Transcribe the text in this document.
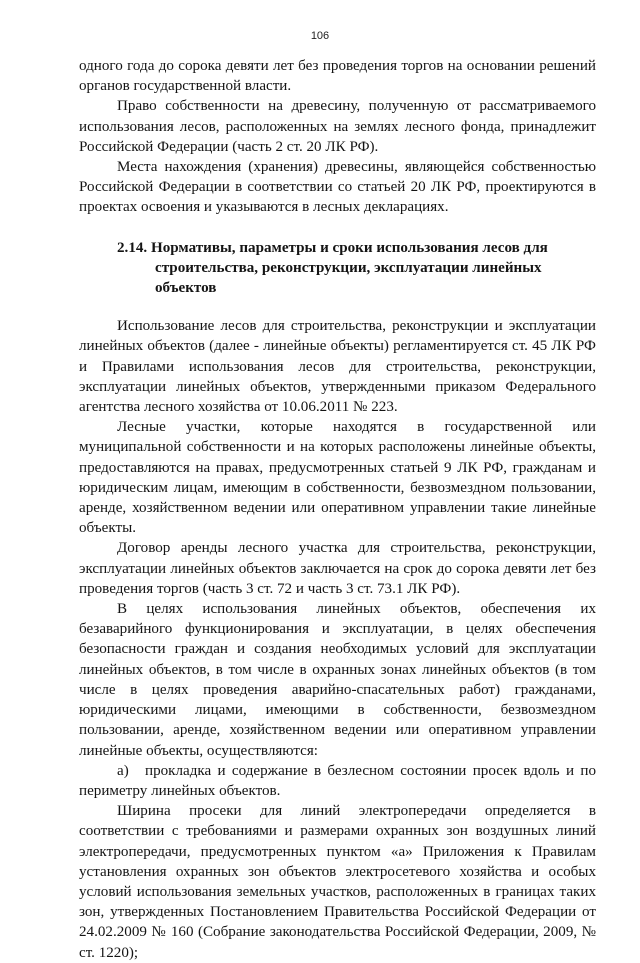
106

одного года до сорока девяти лет без проведения торгов на основании решений органов государственной власти.

Право собственности на древесину, полученную от рассматриваемого использования лесов, расположенных на землях лесного фонда, принадлежит Российской Федерации (часть 2 ст. 20 ЛК РФ).

Места нахождения (хранения) древесины, являющейся собственностью Российской Федерации в соответствии со статьей 20 ЛК РФ, проектируются в проектах освоения и указываются в лесных декларациях.

2.14. Нормативы, параметры и сроки использования лесов для
строительства, реконструкции, эксплуатации линейных
объектов

Использование лесов для строительства, реконструкции и эксплуатации линейных объектов (далее - линейные объекты) регламентируется ст. 45 ЛК РФ и Правилами использования лесов для строительства, реконструкции, эксплуатации линейных объектов, утвержденными приказом Федерального агентства лесного хозяйства от 10.06.2011 № 223.

Лесные участки, которые находятся в государственной или муниципальной собственности и на которых расположены линейные объекты, предоставляются на правах, предусмотренных статьей 9 ЛК РФ, гражданам и юридическим лицам, имеющим в собственности, безвозмездном пользовании, аренде, хозяйственном ведении или оперативном управлении такие линейные объекты.

Договор аренды лесного участка для строительства, реконструкции, эксплуатации линейных объектов заключается на срок до сорока девяти лет без проведения торгов (часть 3 ст. 72 и часть 3 ст. 73.1 ЛК РФ).

В целях использования линейных объектов, обеспечения их безаварийного функционирования и эксплуатации, в целях обеспечения безопасности граждан и создания необходимых условий для эксплуатации линейных объектов, в том числе в охранных зонах линейных объектов (в том числе в целях проведения аварийно-спасательных работ) гражданами, юридическими лицами, имеющими в собственности, безвозмездном пользовании, аренде, хозяйственном ведении или оперативном управлении линейные объекты, осуществляются:

а) прокладка и содержание в безлесном состоянии просек вдоль и по периметру линейных объектов.

Ширина просеки для линий электропередачи определяется в соответствии с требованиями и размерами охранных зон воздушных линий электропередачи, предусмотренных пунктом «а» Приложения к Правилам установления охранных зон объектов электросетевого хозяйства и особых условий использования земельных участков, расположенных в границах таких зон, утвержденных Постановлением Правительства Российской Федерации от 24.02.2009 № 160 (Собрание законодательства Российской Федерации, 2009, № ст. 1220);
